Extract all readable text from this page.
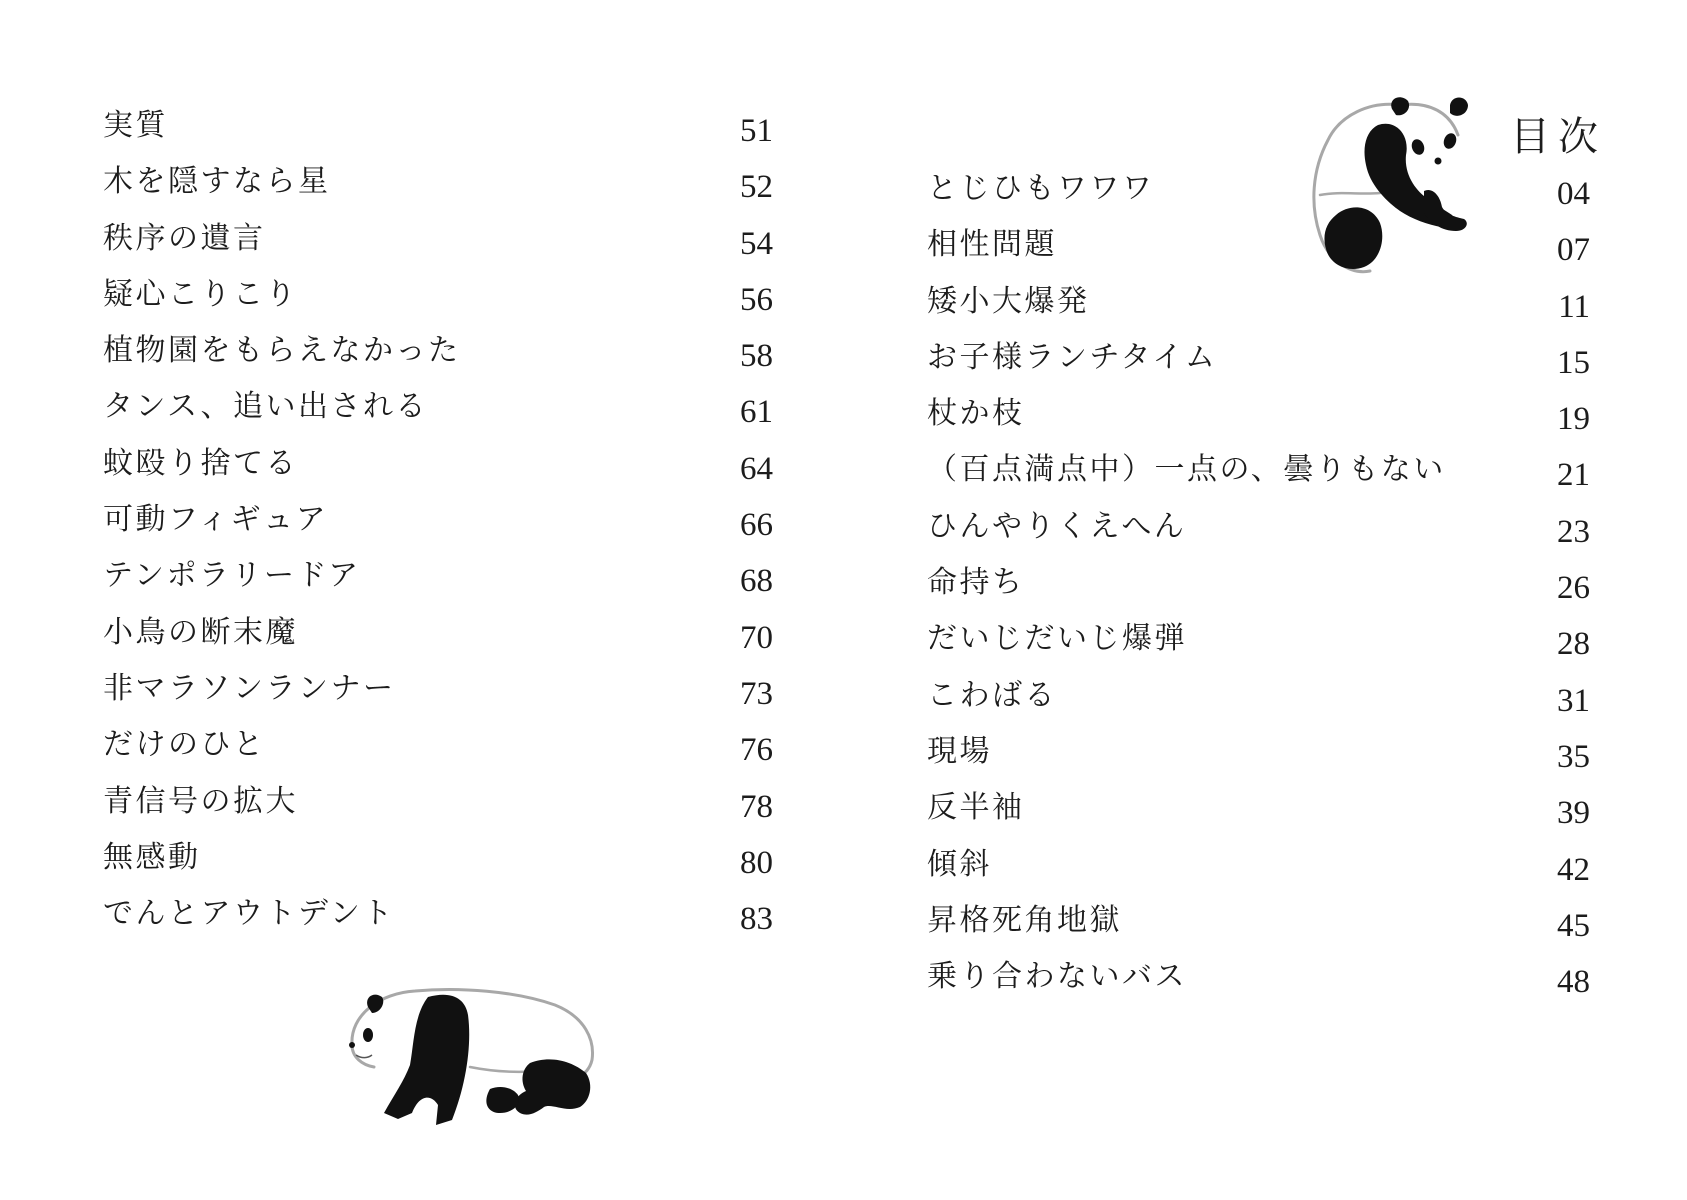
実質	51
木を隠すなら星	52
秩序の遺言	54
疑心こりこり	56
植物園をもらえなかった	58
タンス、追い出される	61
蚊殴り捨てる	64
可動フィギュア	66
テンポラリードア	68
小鳥の断末魔	70
非マラソンランナー	73
だけのひと	76
青信号の拡大	78
無感動	80
でんとアウトデント	83
目次
とじひもワワワ	04
相性問題	07
矮小大爆発	11
お子様ランチタイム	15
杖か枝	19
（百点満点中）一点の、曇りもない	21
ひんやりくえへん	23
命持ち	26
だいじだいじ爆弾	28
こわばる	31
現場	35
反半袖	39
傾斜	42
昇格死角地獄	45
乗り合わないバス	48
